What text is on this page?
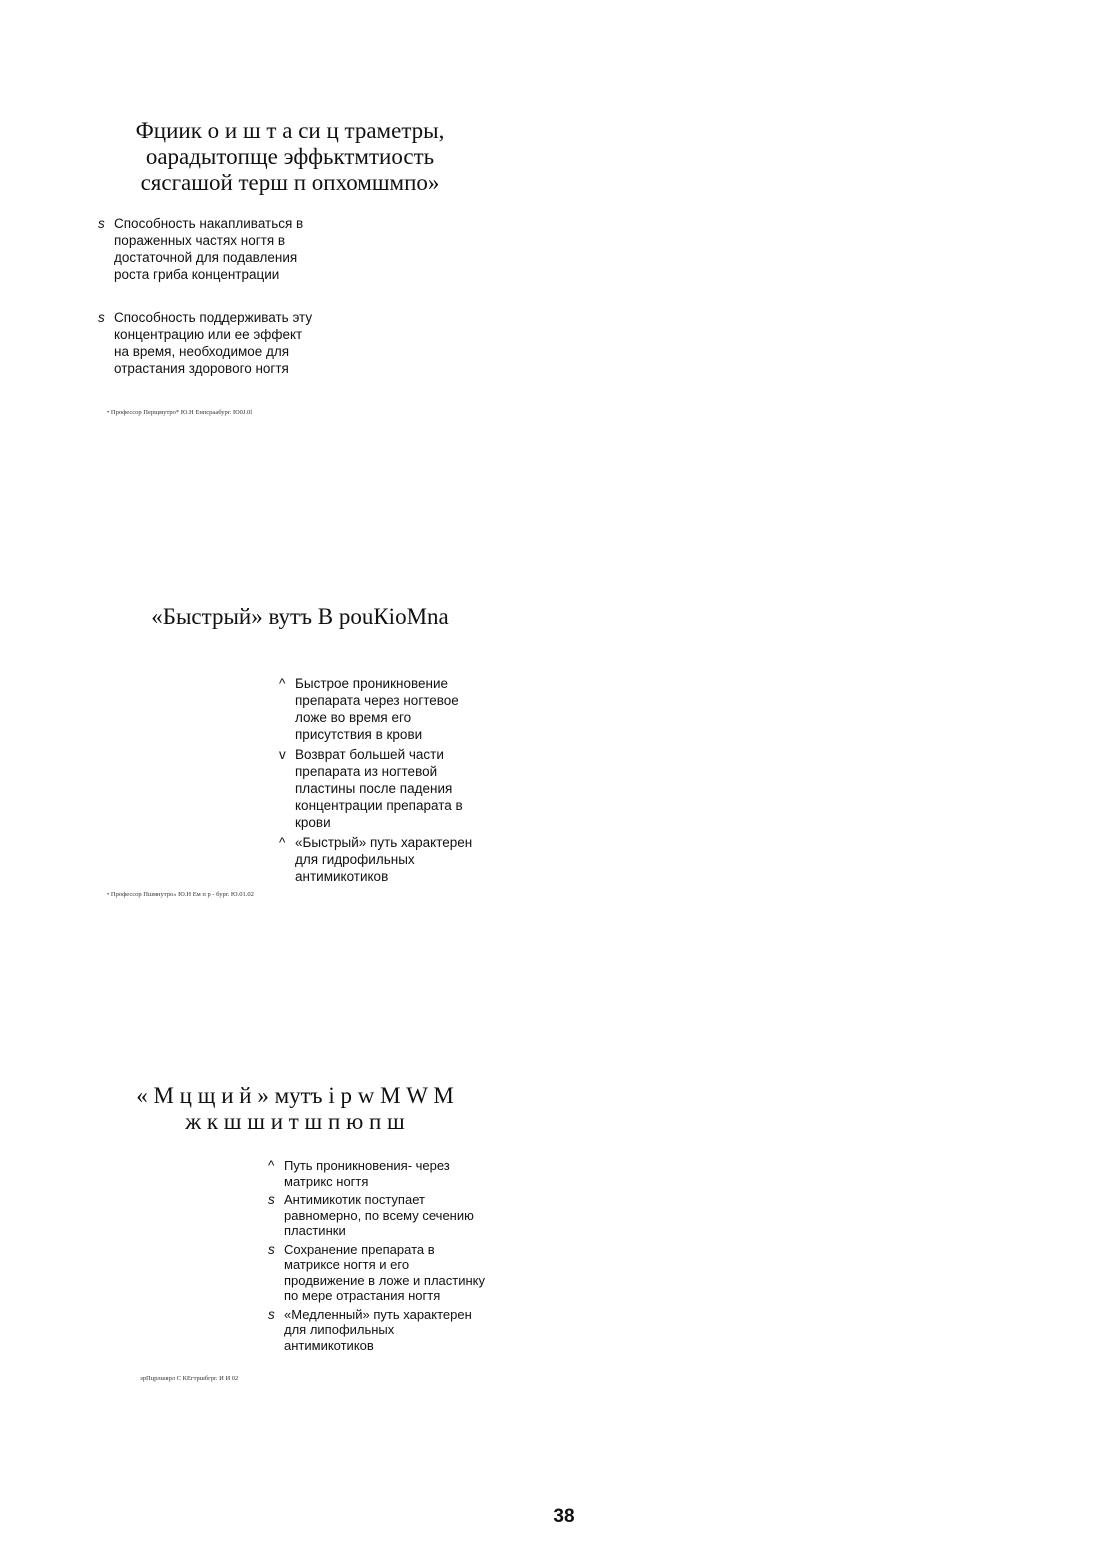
Фциик о и ш т а си ц траметры,
оарадытопще эффьктмтиость
сясгашой терш п опхомшмпо»
s Способность накапливаться в
пораженных частях ногтя в
достаточной для подавления
роста гриба концентрации
s Способность поддерживать эту
концентрацию или ее эффект
на время, необходимое для
отрастания здорового ногтя
• Профессор Перщмутро* Ю.Н Енпсраабург. Ю0J.0l
«Быстрый» вутъ В роuКiоМnа
^ Быстрое проникновение
препарата через ногтевое
ложе во время его
присутствия в крови
v Возврат большей части
препарата из ногтевой
пластины после падения
концентрации препарата в
крови
^ «Быстрый» путь характерен
для гидрофильных
антимикотиков
• Профессор Пшмнутро» Ю.Н Ем п р - бург. Ю.01.02
« М ц щ и й » мутъ i р w М W М
ж к ш ш и т ш п ю п ш
^ Путь проникновения- через
матрикс ногтя
s Антимикотик поступает
равномерно, по всему сечению
пластинки
s Сохранение препарата в
матриксе ногтя и его
продвижение в ложе и пластинку
по мере отрастания ногтя
s «Медленный» путь характерен
для липофильных
антимикотиков
эрПцрлшярл С КЕгтршбгрг. И И 02
38
